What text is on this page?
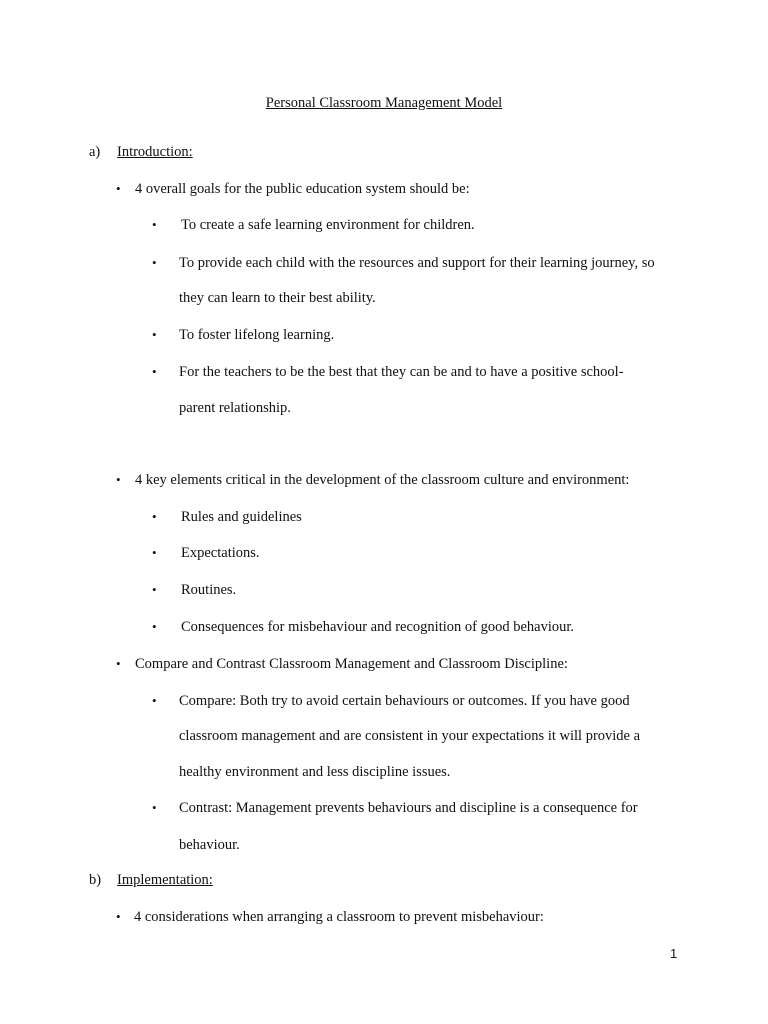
Personal Classroom Management Model
a) Introduction:
• 4 overall goals for the public education system should be:
• To create a safe learning environment for children.
• To provide each child with the resources and support for their learning journey, so
they can learn to their best ability.
• To foster lifelong learning.
• For the teachers to be the best that they can be and to have a positive school-
parent relationship.
• 4 key elements critical in the development of the classroom culture and environment:
• Rules and guidelines
• Expectations.
• Routines.
• Consequences for misbehaviour and recognition of good behaviour.
• Compare and Contrast Classroom Management and Classroom Discipline:
• Compare: Both try to avoid certain behaviours or outcomes. If you have good
classroom management and are consistent in your expectations it will provide a
healthy environment and less discipline issues.
• Contrast: Management prevents behaviours and discipline is a consequence for
behaviour.
b) Implementation:
• 4 considerations when arranging a classroom to prevent misbehaviour:
1
